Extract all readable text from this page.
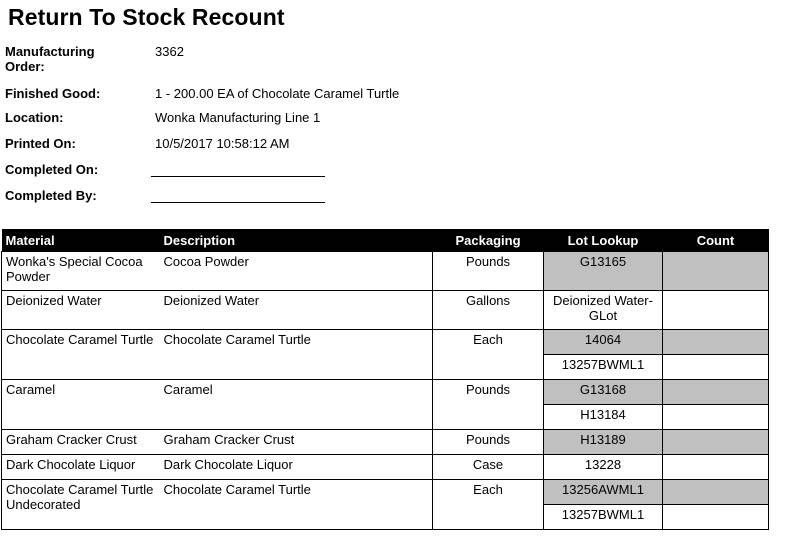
Return To Stock Recount
Manufacturing Order:
3362
Finished Good:	1 - 200.00 EA of Chocolate Caramel Turtle
Location:	Wonka Manufacturing Line 1
Printed On:	10/5/2017 10:58:12 AM
Completed On:
Completed By:
Material	Description	Packaging	Lot Lookup	Count
Wonka's Special Cocoa Powder	Cocoa Powder	Pounds	G13165	
Deionized Water	Deionized Water	Gallons	Deionized Water-GLot	
Chocolate Caramel Turtle	Chocolate Caramel Turtle	Each	14064	
			13257BWML1	
Caramel	Caramel	Pounds	G13168	
			H13184	
Graham Cracker Crust	Graham Cracker Crust	Pounds	H13189	
Dark Chocolate Liquor	Dark Chocolate Liquor	Case	13228	
Chocolate Caramel Turtle Undecorated	Chocolate Caramel Turtle	Each	13256AWML1	
			13257BWML1	
